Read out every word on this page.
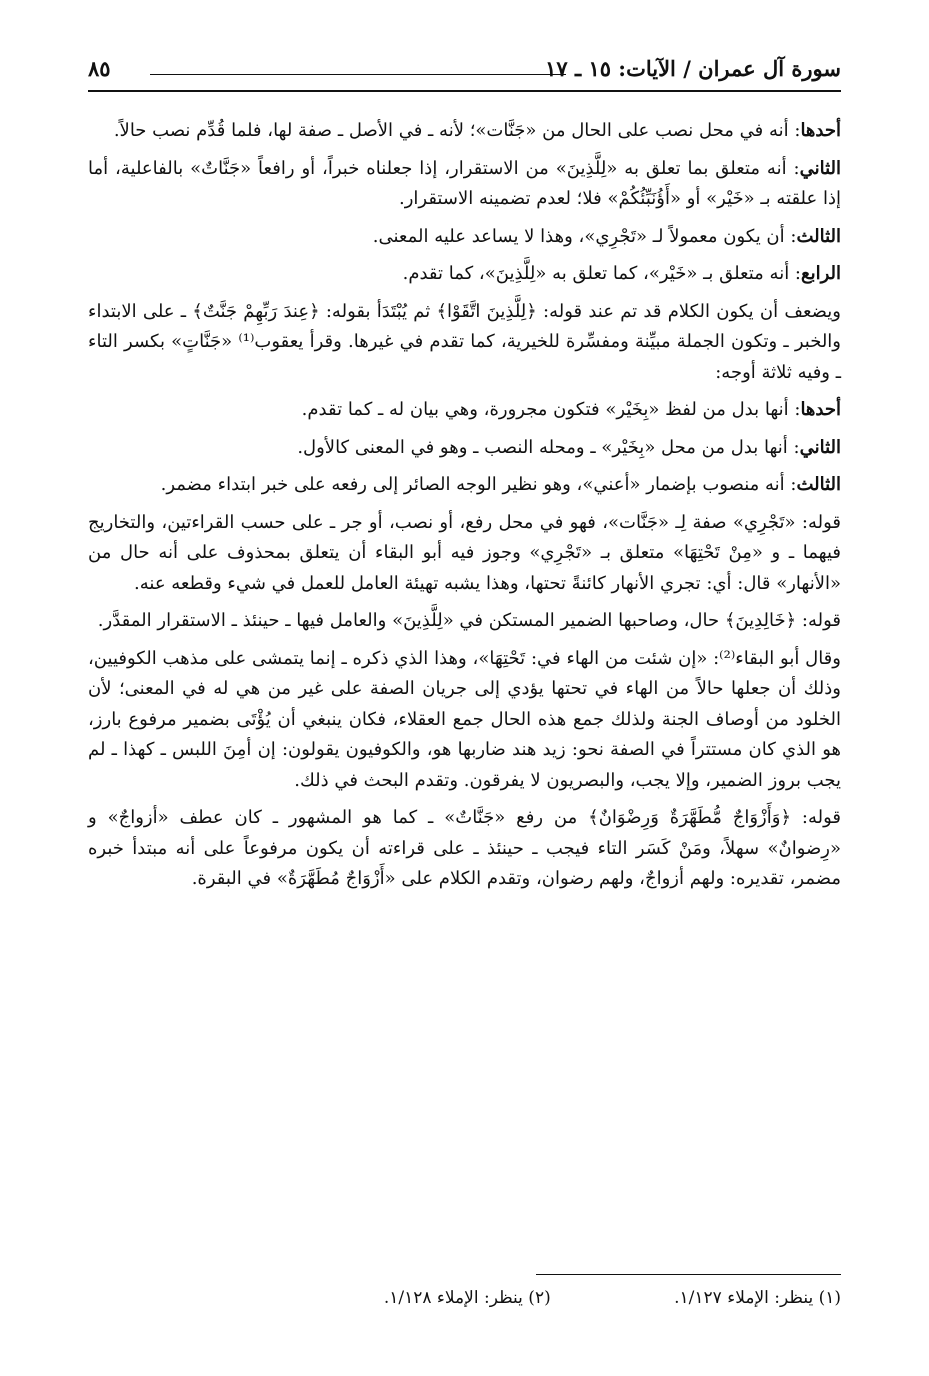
سورة آل عمران / الآيات: ١٥ ـ ١٧
٨٥

أحدها: أنه في محل نصب على الحال من «جَنَّات»؛ لأنه ـ في الأصل ـ صفة لها، فلما قُدِّم نصب حالاً.

الثاني: أنه متعلق بما تعلق به «لِلَّذِينَ» من الاستقرار، إذا جعلناه خبراً، أو رافعاً «جَنَّاتٌ» بالفاعلية، أما إذا علقته بـ «خَيْر» أو «أَؤُنَبِّئُكُمْ» فلا؛ لعدم تضمينه الاستقرار.

الثالث: أن يكون معمولاً لـ «تَجْرِي»، وهذا لا يساعد عليه المعنى.

الرابع: أنه متعلق بـ «خَيْر»، كما تعلق به «لِلَّذِينَ»، كما تقدم.

ويضعف أن يكون الكلام قد تم عند قوله: ﴿لِلَّذِينَ اتَّقَوْا﴾ ثم يُبْتَدَأ بقوله: ﴿عِندَ رَبِّهِمْ جَنَّتٌ﴾ ـ على الابتداء والخبر ـ وتكون الجملة مبيِّنة ومفسِّرة للخيرية، كما تقدم في غيرها. وقرأ يعقوب⁽¹⁾ «جَنَّاتٍ» بكسر التاء ـ وفيه ثلاثة أوجه:

أحدها: أنها بدل من لفظ «بِخَيْر» فتكون مجرورة، وهي بيان له ـ كما تقدم.

الثاني: أنها بدل من محل «بِخَيْر» ـ ومحله النصب ـ وهو في المعنى كالأول.

الثالث: أنه منصوب بإضمار «أعني»، وهو نظير الوجه الصائر إلى رفعه على خبر ابتداء مضمر.

قوله: «تَجْرِي» صفة لِـ «جَنَّات»، فهو في محل رفع، أو نصب، أو جر ـ على حسب القراءتين، والتخاريج فيهما ـ و «مِنْ تَحْتِهَا» متعلق بـ «تَجْرِي» وجوز فيه أبو البقاء أن يتعلق بمحذوف على أنه حال من «الأنهار» قال: أي: تجري الأنهار كائنةً تحتها، وهذا يشبه تهيئة العامل للعمل في شيء وقطعه عنه.

قوله: ﴿خَالِدِينَ﴾ حال، وصاحبها الضمير المستكن في «لِلَّذِينَ» والعامل فيها ـ حينئذ ـ الاستقرار المقدَّر.

وقال أبو البقاء⁽²⁾: «إن شئت من الهاء في: تَحْتِهَا»، وهذا الذي ذكره ـ إنما يتمشى على مذهب الكوفيين، وذلك أن جعلها حالاً من الهاء في تحتها يؤدي إلى جريان الصفة على غير من هي له في المعنى؛ لأن الخلود من أوصاف الجنة ولذلك جمع هذه الحال جمع العقلاء، فكان ينبغي أن يُؤْتَى بضمير مرفوع بارز، هو الذي كان مستتراً في الصفة نحو: زيد هند ضاربها هو، والكوفيون يقولون: إن أمِنَ اللبس ـ كهذا ـ لم يجب بروز الضمير، وإلا يجب، والبصريون لا يفرقون. وتقدم البحث في ذلك.

قوله: ﴿وَأَزْوَاجٌ مُّطَهَّرَةٌ وَرِضْوَانٌ﴾ من رفع «جَنَّاتٌ» ـ كما هو المشهور ـ كان عطف «أزواجٌ» و «رِضوانٌ» سهلاً، ومَنْ كَسَر التاء فيجب ـ حينئذ ـ على قراءته أن يكون مرفوعاً على أنه مبتدأ خبره مضمر، تقديره: ولهم أزواجٌ، ولهم رضوان، وتقدم الكلام على «أَزْوَاجٌ مُطَهَّرَةٌ» في البقرة.

(١) ينظر: الإملاء ١/١٢٧. (٢) ينظر: الإملاء ١/١٢٨.
